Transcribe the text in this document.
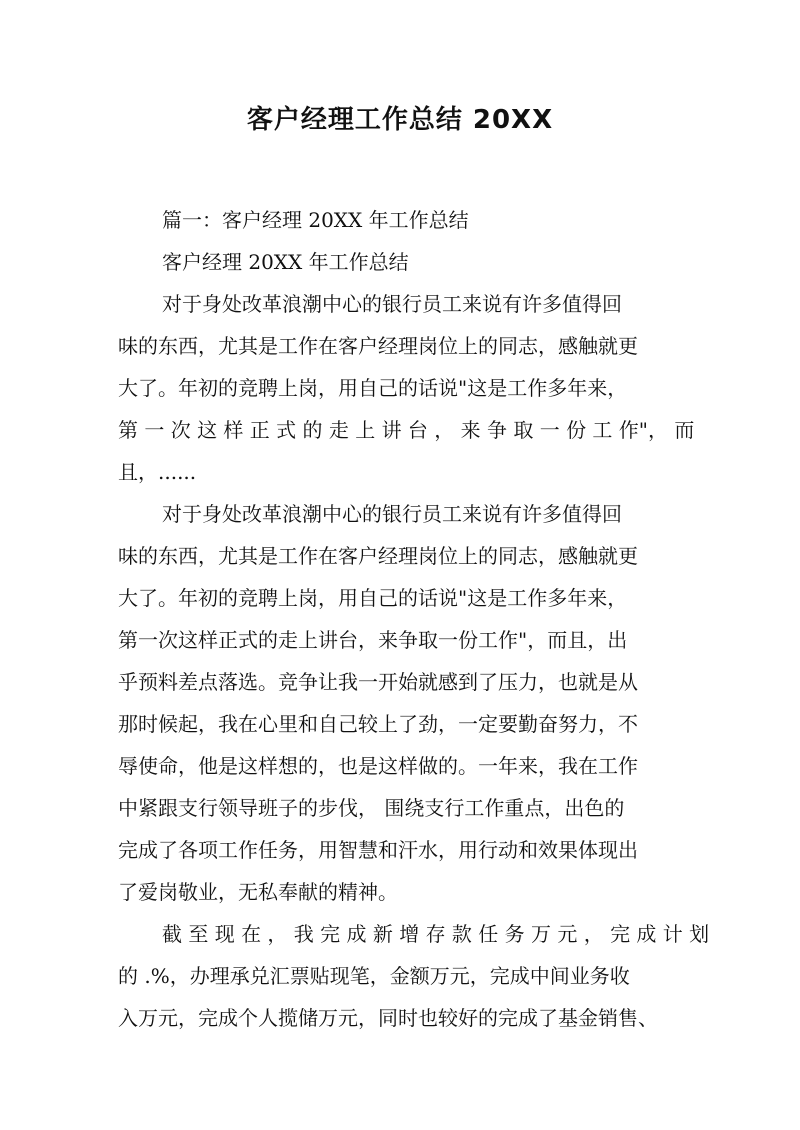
客户经理工作总结 20XX
篇一：客户经理 20XX 年工作总结
客户经理 20XX 年工作总结
对于身处改革浪潮中心的银行员工来说有许多值得回
味的东西，尤其是工作在客户经理岗位上的同志，感触就更
大了。年初的竞聘上岗，用自己的话说"这是工作多年来，
第 一 次 这 样 正 式 的 走 上 讲 台 ， 来 争 取 一 份 工 作"， 而
且，......
对于身处改革浪潮中心的银行员工来说有许多值得回
味的东西，尤其是工作在客户经理岗位上的同志，感触就更
大了。年初的竞聘上岗，用自己的话说"这是工作多年来，
第一次这样正式的走上讲台，来争取一份工作"，而且，出
乎预料差点落选。竞争让我一开始就感到了压力，也就是从
那时候起，我在心里和自己较上了劲，一定要勤奋努力，不
辱使命，他是这样想的，也是这样做的。一年来，我在工作
中紧跟支行领导班子的步伐， 围绕支行工作重点，出色的
完成了各项工作任务，用智慧和汗水，用行动和效果体现出
了爱岗敬业，无私奉献的精神。
截 至 现 在 ， 我 完 成 新 增 存 款 任 务 万 元 ， 完 成 计 划
的 .%，办理承兑汇票贴现笔，金额万元，完成中间业务收
入万元，完成个人揽储万元，同时也较好的完成了基金销售、
